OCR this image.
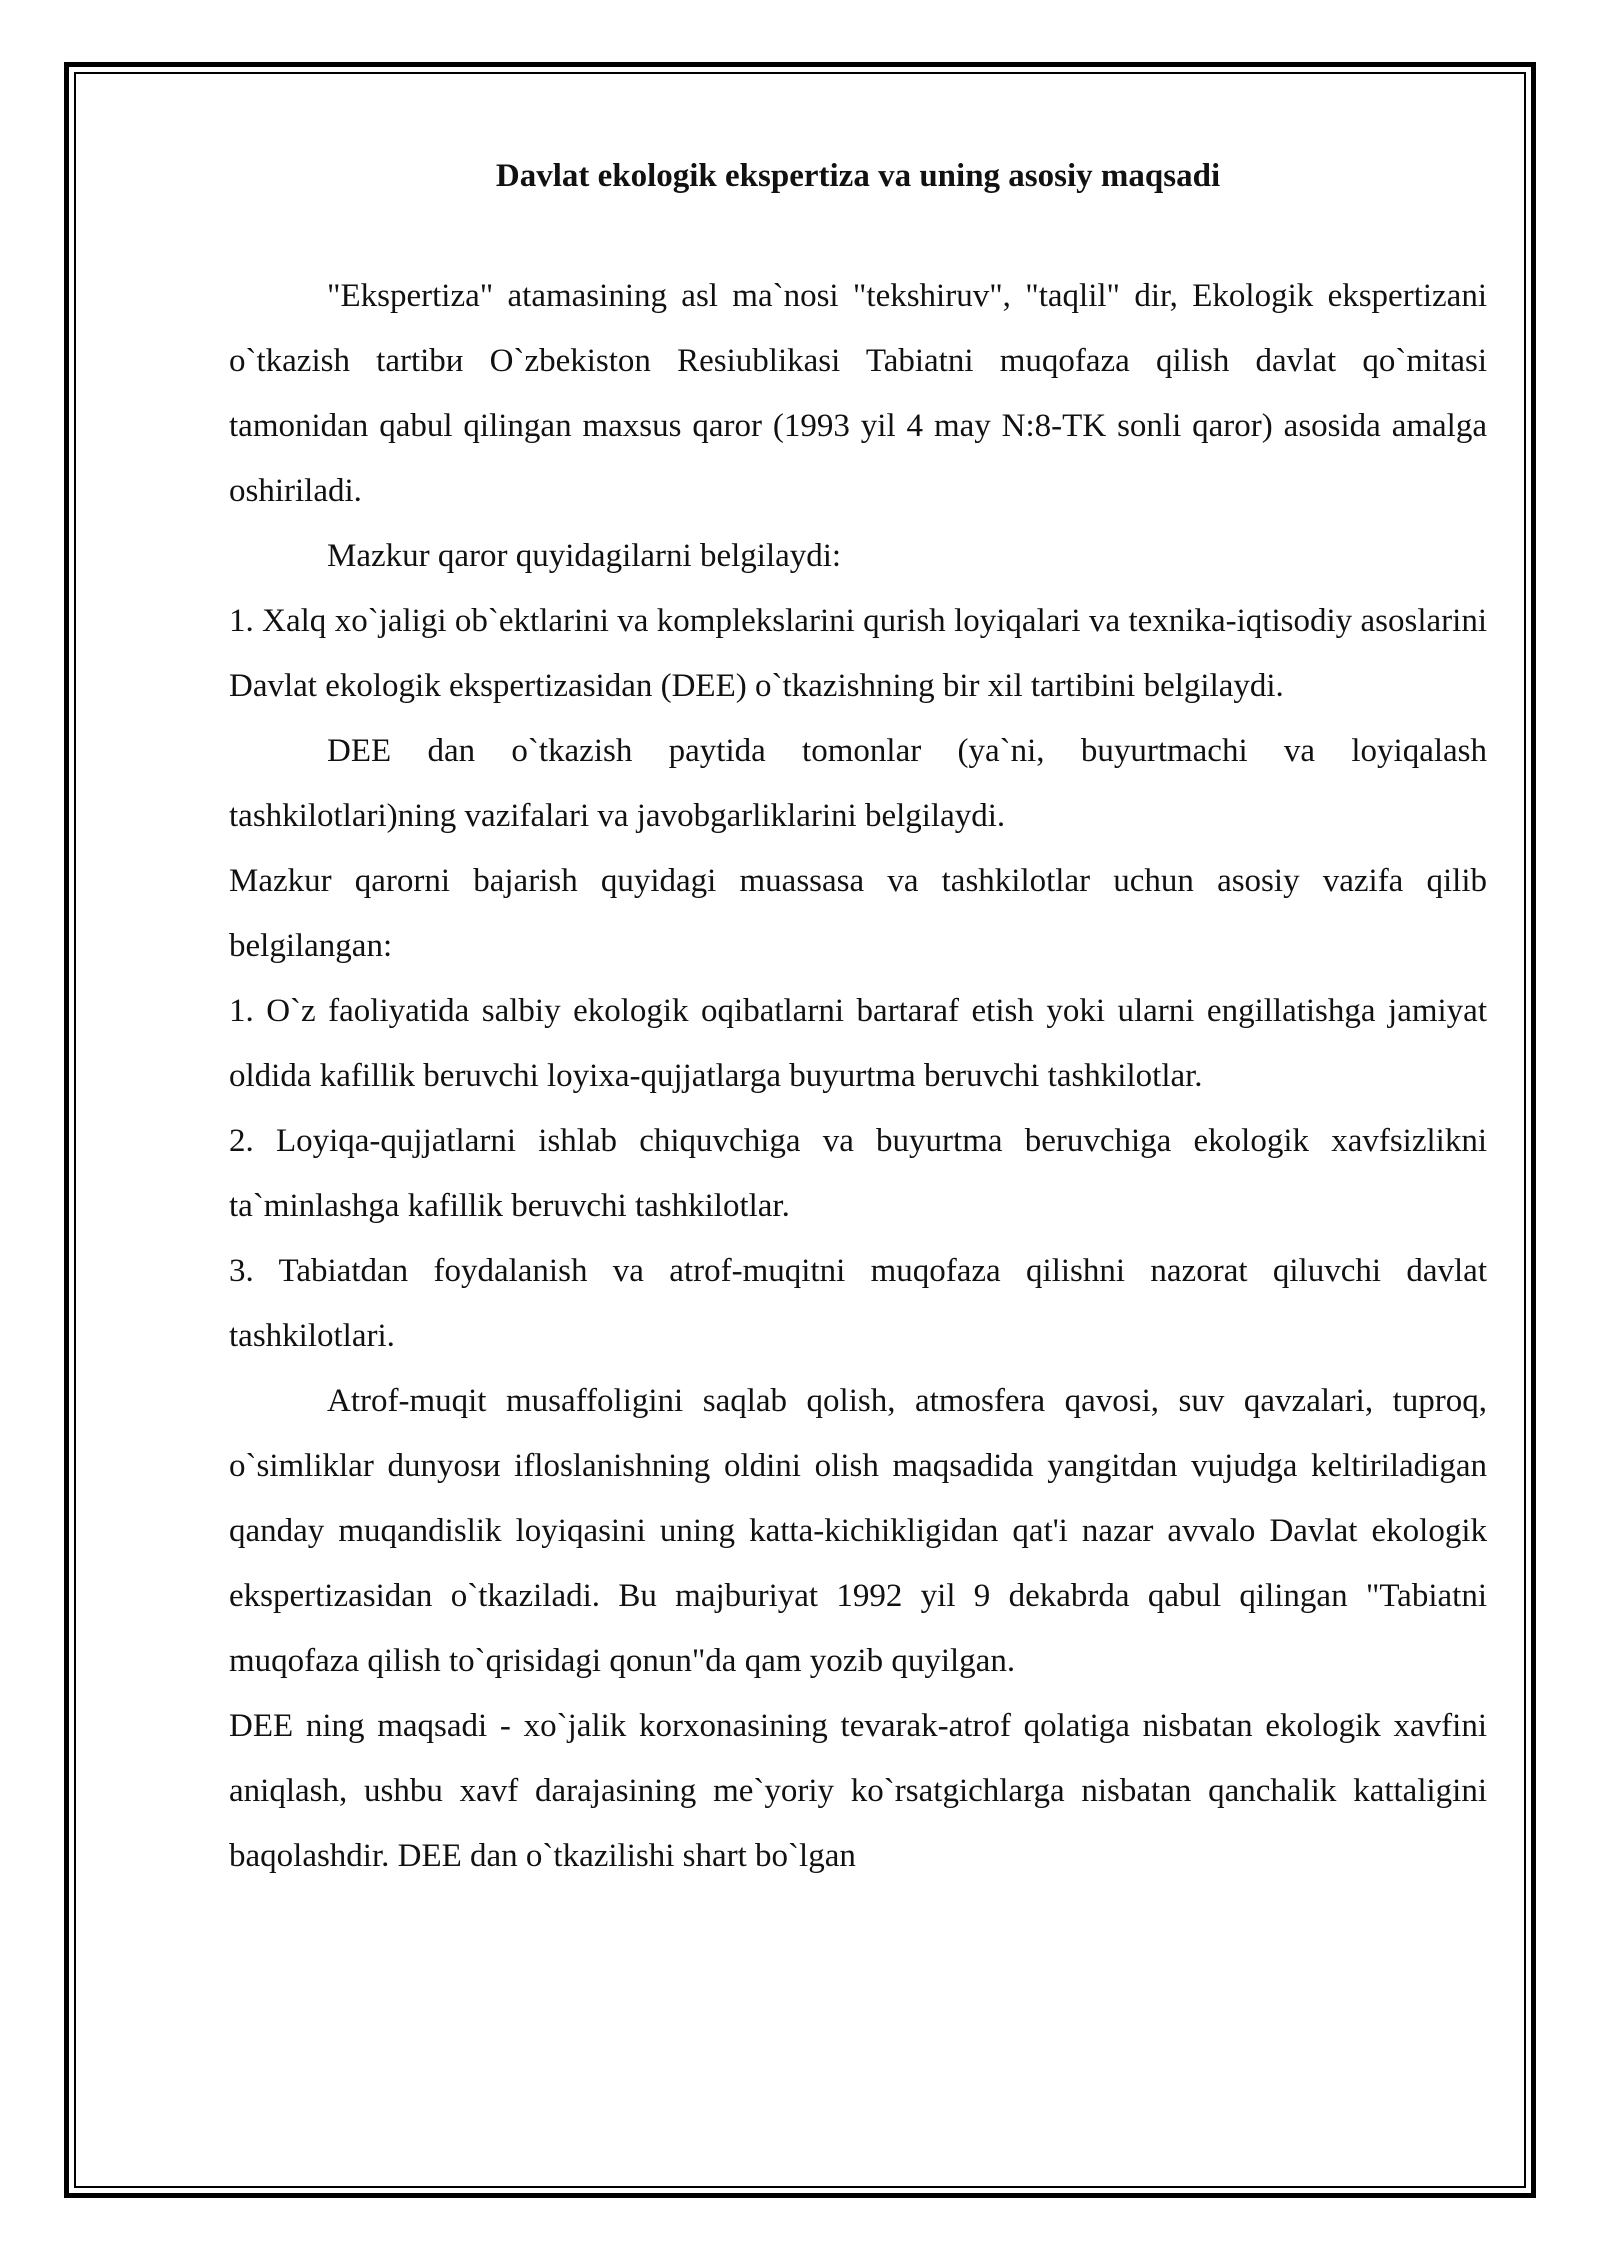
Davlat ekologik ekspertiza va uning asosiy maqsadi

"Ekspertiza" atamasining asl ma`nosi "tekshiruv", "taqlil" dir, Ekologik ekspertizani o`tkazish tartibи O`zbekiston Resiublikasi Tabiatni muqofaza qilish davlat qo`mitasi tamonidan qabul qilingan maxsus qaror (1993 yil 4 may N:8-TK sonli qaror) asosida amalga oshiriladi.

Mazkur qaror quyidagilarni belgilaydi:

1. Xalq xo`jaligi ob`ektlarini va komplekslarini qurish loyiqalari va texnika-iqtisodiy asoslarini Davlat ekologik ekspertizasidan (DEE) o`tkazishning bir xil tartibini belgilaydi.

DEE dan o`tkazish paytida tomonlar (ya`ni, buyurtmachi va loyiqalash tashkilotlari)ning vazifalari va javobgarliklarini belgilaydi.

Mazkur qarorni bajarish quyidagi muassasa va tashkilotlar uchun asosiy vazifa qilib belgilangan:

1. O`z faoliyatida salbiy ekologik oqibatlarni bartaraf etish yoki ularni engillatishga jamiyat oldida kafillik beruvchi loyixa-qujjatlarga buyurtma beruvchi tashkilotlar.

2. Loyiqa-qujjatlarni ishlab chiquvchiga va buyurtma beruvchiga ekologik xavfsizlikni ta`minlashga kafillik beruvchi tashkilotlar.

3. Tabiatdan foydalanish va atrof-muqitni muqofaza qilishni nazorat qiluvchi davlat tashkilotlari.

Atrof-muqit musaffoligini saqlab qolish, atmosfera qavosi, suv qavzalari, tuproq, o`simliklar dunyosи ifloslanishning oldini olish maqsadida yangitdan vujudga keltiriladigan qanday muqandislik loyiqasini uning katta-kichikligidan qat'i nazar avvalo Davlat ekologik ekspertizasidan o`tkaziladi. Bu majburiyat 1992 yil 9 dekabrda qabul qilingan "Tabiatni muqofaza qilish to`qrisidagi qonun"da qam yozib quyilgan.

DEE ning maqsadi - xo`jalik korxonasining tevarak-atrof qolatiga nisbatan ekologik xavfini aniqlash, ushbu xavf darajasining me`yoriy ko`rsatgichlarga nisbatan qanchalik kattaligini baqolashdir. DEE dan o`tkazilishi shart bo`lgan
